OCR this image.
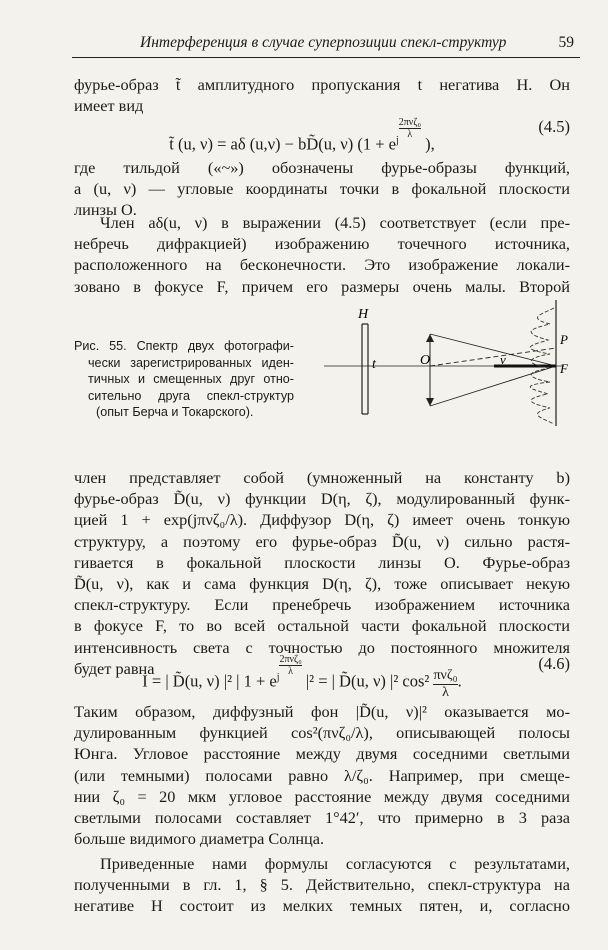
Интерференция в случае суперпозиции спекл-структур	59
фурье-образ t̃ амплитудного пропускания t негатива H. Он
имеет вид
t̃ (u, ν) = aδ (u,ν) − bD̃(u, ν) ($1 + e^{j 2\pi\nu\zeta_0 \lambda}$ ),
(4.5)
где тильдой («~») обозначены фурье-образы функций,
а (u, ν) — угловые координаты точки в фокальной плоскости
линзы O.
Член aδ(u, ν) в выражении (4.5) соответствует (если пре-
небречь дифракцией) изображению точечного источника,
расположенного на бесконечности. Это изображение локали-
зовано в фокусе F, причем его размеры очень малы. Второй
Рис. 55. Спектр двух фотографи-
чески зарегистрированных иден-
тичных и смещенных друг отно-
сительно друга спекл-структур
(опыт Берча и Токарского).
H
t	O	ν
P
F
член представляет собой (умноженный на константу b)
фурье-образ D̃(u, ν) функции D(η, ζ), модулированный функ-
цией 1 + exp(jπνζ₀/λ). Диффузор D(η, ζ) имеет очень тонкую
структуру, а поэтому его фурье-образ D̃(u, ν) сильно растя-
гивается в фокальной плоскости линзы O. Фурье-образ
D̃(u, ν), как и сама функция D(η, ζ), тоже описывает некую
спекл-структуру. Если пренебречь изображением источника
в фокусе F, то во всей остальной части фокальной плоскости
интенсивность света с точностью до постоянного множителя
будет равна
I = | D̃(u, ν) |² | $1 + e^{j 2\pi\nu\zeta_0 \lambda}$ |² = | D̃(u, ν) |² cos² πνζ₀
λ
.
(4.6)
Таким образом, диффузный фон |D̃(u, ν)|² оказывается мо-
дулированным функцией cos²(πνζ₀/λ), описывающей полосы
Юнга. Угловое расстояние между двумя соседними светлыми
(или темными) полосами равно λ/ζ₀. Например, при смеще-
нии ζ₀ = 20 мкм угловое расстояние между двумя соседними
светлыми полосами составляет 1°42′, что примерно в 3 раза
больше видимого диаметра Солнца.
Приведенные нами формулы согласуются с результатами,
полученными в гл. 1, § 5. Действительно, спекл-структура на
негативе H состоит из мелких темных пятен, и, согласно
